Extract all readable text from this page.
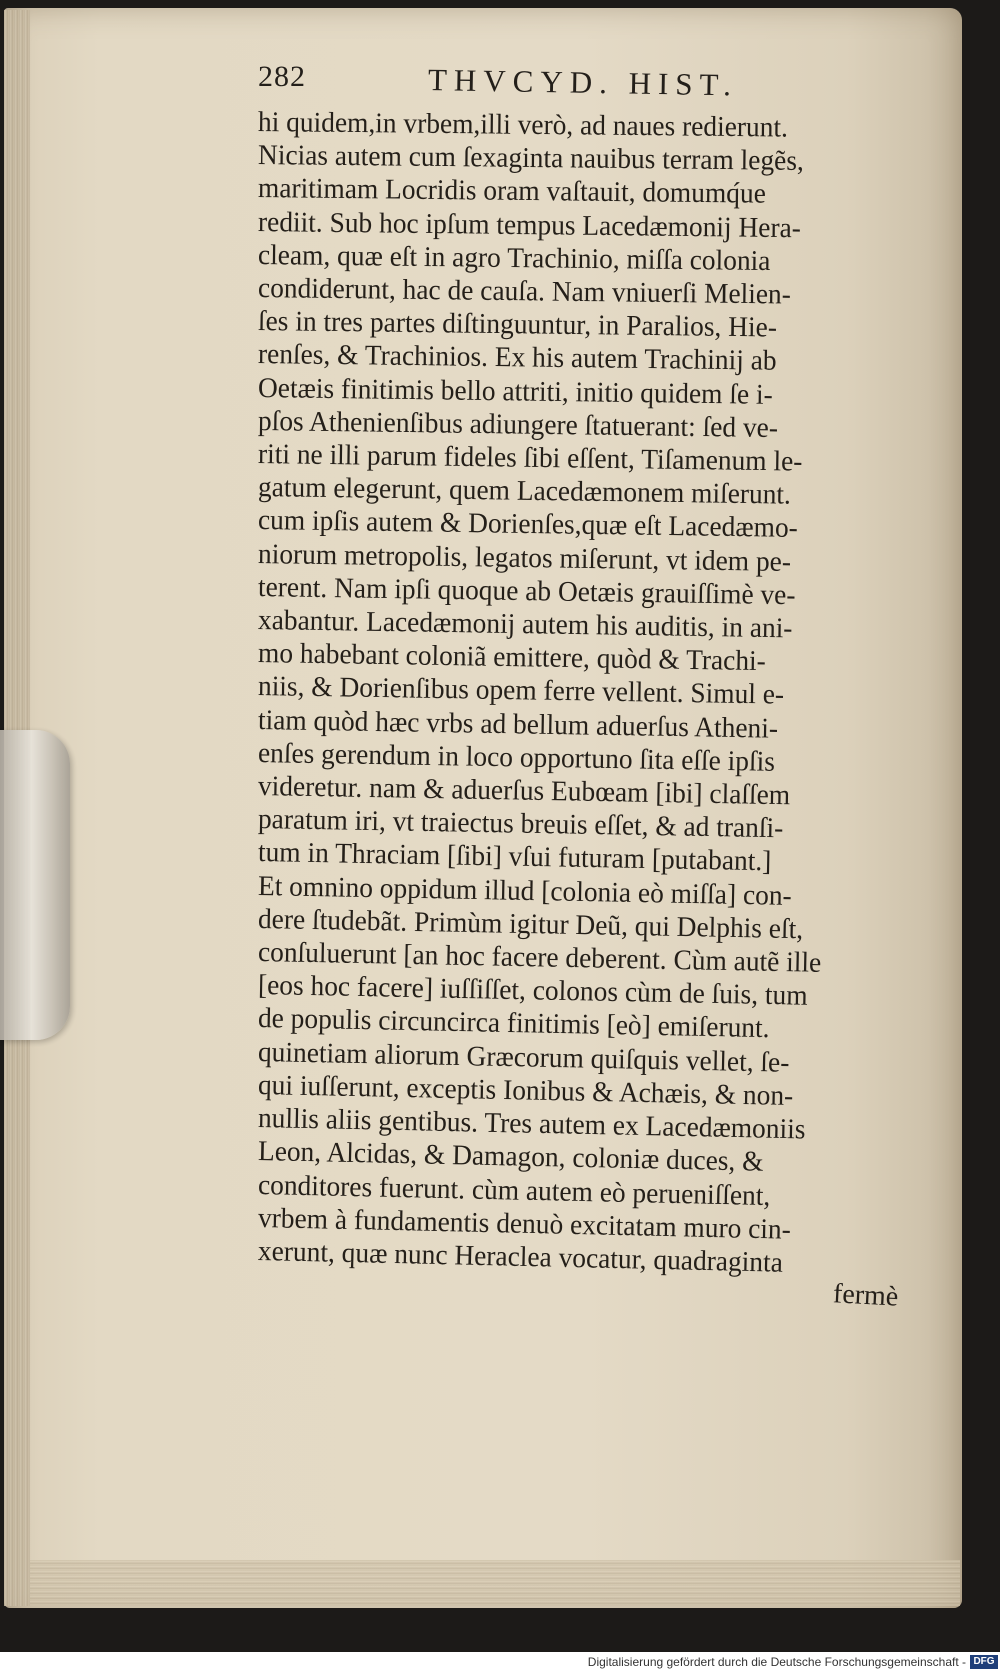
282	THVCYD. HIST.
hi quidem,in vrbem,illi verò, ad naues redierunt.
Nicias autem cum ſexaginta nauibus terram legẽs,
maritimam Locridis oram vaſtauit, domumq́ue
rediit. Sub hoc ipſum tempus Lacedæmonij Hera-
cleam, quæ eſt in agro Trachinio, miſſa colonia
condiderunt, hac de cauſa. Nam vniuerſi Melien-
ſes in tres partes diſtinguuntur, in Paralios, Hie-
renſes, & Trachinios. Ex his autem Trachinij ab
Oetæis finitimis bello attriti, initio quidem ſe i-
pſos Athenienſibus adiungere ſtatuerant: ſed ve-
riti ne illi parum fideles ſibi eſſent, Tiſamenum le-
gatum elegerunt, quem Lacedæmonem miſerunt.
cum ipſis autem & Dorienſes,quæ eſt Lacedæmo-
niorum metropolis, legatos miſerunt, vt idem pe-
terent. Nam ipſi quoque ab Oetæis grauiſſimè ve-
xabantur. Lacedæmonij autem his auditis, in ani-
mo habebant coloniã emittere, quòd & Trachi-
niis, & Dorienſibus opem ferre vellent. Simul e-
tiam quòd hæc vrbs ad bellum aduerſus Atheni-
enſes gerendum in loco opportuno ſita eſſe ipſis
videretur. nam & aduerſus Eubœam [ibi] claſſem
paratum iri, vt traiectus breuis eſſet, & ad tranſi-
tum in Thraciam [ſibi] vſui futuram [putabant.]
Et omnino oppidum illud [colonia eò miſſa] con-
dere ſtudebãt. Primùm igitur Deũ, qui Delphis eſt,
conſuluerunt [an hoc facere deberent. Cùm autẽ ille
[eos hoc facere] iuſſiſſet, colonos cùm de ſuis, tum
de populis circuncirca finitimis [eò] emiſerunt.
quinetiam aliorum Græcorum quiſquis vellet, ſe-
qui iuſſerunt, exceptis Ionibus & Achæis, & non-
nullis aliis gentibus. Tres autem ex Lacedæmoniis
Leon, Alcidas, & Damagon, coloniæ duces, &
conditores fuerunt. cùm autem eò perueniſſent,
vrbem à fundamentis denuò excitatam muro cin-
xerunt, quæ nunc Heraclea vocatur, quadraginta
fermè
Digitalisierung gefördert durch die Deutsche Forschungsgemeinschaft - DFG
